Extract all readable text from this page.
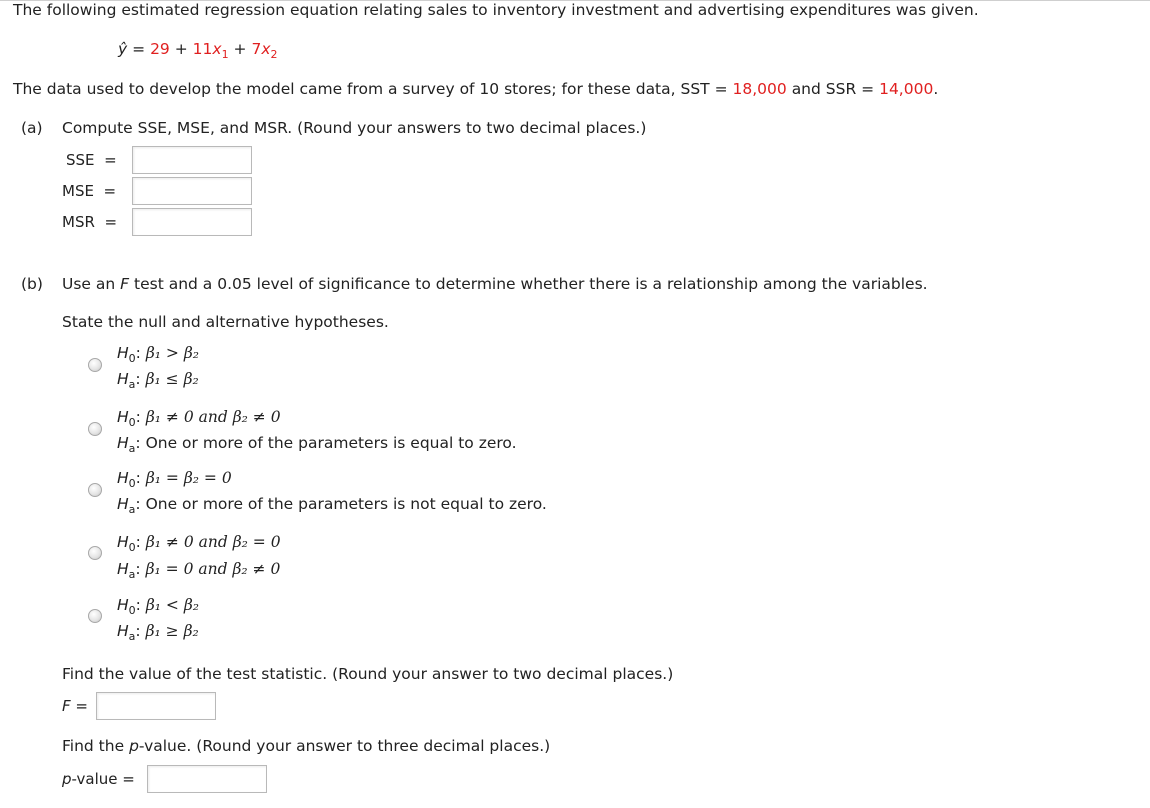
The following estimated regression equation relating sales to inventory investment and advertising expenditures was given.
ŷ = $29 + 11x_1 + 7x_2$
The data used to develop the model came from a survey of 10 stores; for these data, SST = 18,000 and SSR = 14,000.
(a) Compute SSE, MSE, and MSR. (Round your answers to two decimal places.)
SSE =
MSE =
MSR =
(b) Use an F test and a 0.05 level of significance to determine whether there is a relationship among the variables.
State the null and alternative hypotheses.
$H_0$: β₁ > β₂
$H_a$: β₁ ≤ β₂
$H_0$: β₁ ≠ 0 and β₂ ≠ 0
$H_a$: One or more of the parameters is equal to zero.
$H_0$: β₁ = β₂ = 0
$H_a$: One or more of the parameters is not equal to zero.
$H_0$: β₁ ≠ 0 and β₂ = 0
$H_a$: β₁ = 0 and β₂ ≠ 0
$H_0$: β₁ < β₂
$H_a$: β₁ ≥ β₂
Find the value of the test statistic. (Round your answer to two decimal places.)
F =
Find the p-value. (Round your answer to three decimal places.)
p-value =
